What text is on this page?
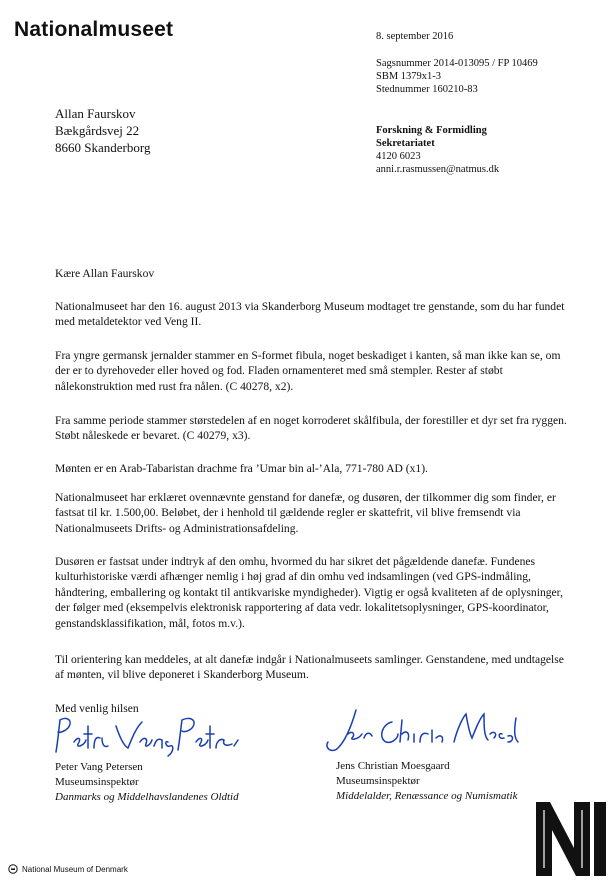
Nationalmuseet	8. september 2016
Sagsnummer 2014-013095 / FP 10469
SBM 1379x1-3
Stednummer 160210-83
Allan Faurskov
Bækgårdsvej 22
8660 Skanderborg
Forskning & Formidling
Sekretariatet
4120 6023
anni.r.rasmussen@natmus.dk
Kære Allan Faurskov
Nationalmuseet har den 16. august 2013 via Skanderborg Museum modtaget tre genstande, som du har fundet med metaldetektor ved Veng II.
Fra yngre germansk jernalder stammer en S-formet fibula, noget beskadiget i kanten, så man ikke kan se, om der er to dyrehoveder eller hoved og fod. Fladen ornamenteret med små stempler. Rester af støbt nålekonstruktion med rust fra nålen. (C 40278, x2).
Fra samme periode stammer størstedelen af en noget korroderet skålfibula, der forestiller et dyr set fra ryggen. Støbt nåleskede er bevaret. (C 40279, x3).
Mønten er en Arab-Tabaristan drachme fra ’Umar bin al-’Ala, 771-780 AD (x1).
Nationalmuseet har erklæret ovennævnte genstand for danefæ, og dusøren, der tilkommer dig som finder, er fastsat til kr. 1.500,00. Beløbet, der i henhold til gældende regler er skattefrit, vil blive fremsendt via Nationalmuseets Drifts- og Administrationsafdeling.
Dusøren er fastsat under indtryk af den omhu, hvormed du har sikret det pågældende danefæ. Fundenes kulturhistoriske værdi afhænger nemlig i høj grad af din omhu ved indsamlingen (ved GPS-indmåling, håndtering, emballering og kontakt til antikvariske myndigheder). Vigtig er også kvaliteten af de oplysninger, der følger med (eksempelvis elektronisk rapportering af data vedr. lokalitetsoplysninger, GPS-koordinator, genstandsklassifikation, mål, fotos m.v.).
Til orientering kan meddeles, at alt danefæ indgår i Nationalmuseets samlinger. Genstandene, med undtagelse af mønten, vil blive deponeret i Skanderborg Museum.
Med venlig hilsen
Peter Vang Petersen
Museumsinspektør
Danmarks og Middelhavslandenes Oldtid
Jens Christian Moesgaard
Museumsinspektør
Middelalder, Renæssance og Numismatik
National Museum of Denmark
